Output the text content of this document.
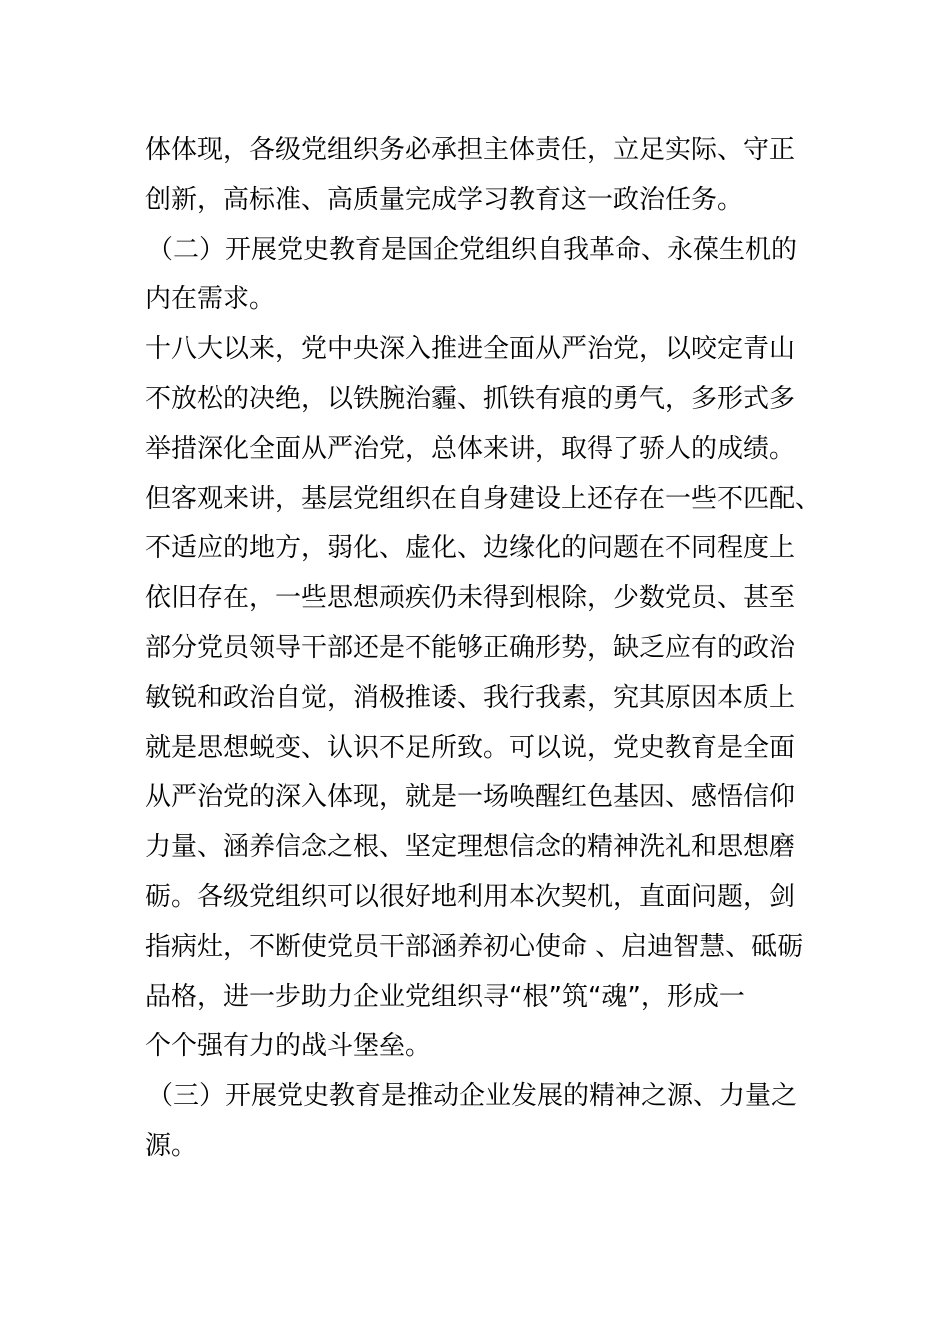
体体现，各级党组织务必承担主体责任，立足实际、守正
创新，高标准、高质量完成学习教育这一政治任务。
（二）开展党史教育是国企党组织自我革命、永葆生机的
内在需求。
十八大以来，党中央深入推进全面从严治党，以咬定青山
不放松的决绝，以铁腕治霾、抓铁有痕的勇气，多形式多
举措深化全面从严治党，总体来讲，取得了骄人的成绩。
但客观来讲，基层党组织在自身建设上还存在一些不匹配、
不适应的地方，弱化、虚化、边缘化的问题在不同程度上
依旧存在，一些思想顽疾仍未得到根除，少数党员、甚至
部分党员领导干部还是不能够正确形势，缺乏应有的政治
敏锐和政治自觉，消极推诿、我行我素，究其原因本质上
就是思想蜕变、认识不足所致。可以说，党史教育是全面
从严治党的深入体现，就是一场唤醒红色基因、感悟信仰
力量、涵养信念之根、坚定理想信念的精神洗礼和思想磨
砺。各级党组织可以很好地利用本次契机，直面问题，剑
指病灶，不断使党员干部涵养初心使命 、启迪智慧、砥砺
品格，进一步助力企业党组织寻“根”筑“魂”，形成一
个个强有力的战斗堡垒。
（三）开展党史教育是推动企业发展的精神之源、力量之
源。
